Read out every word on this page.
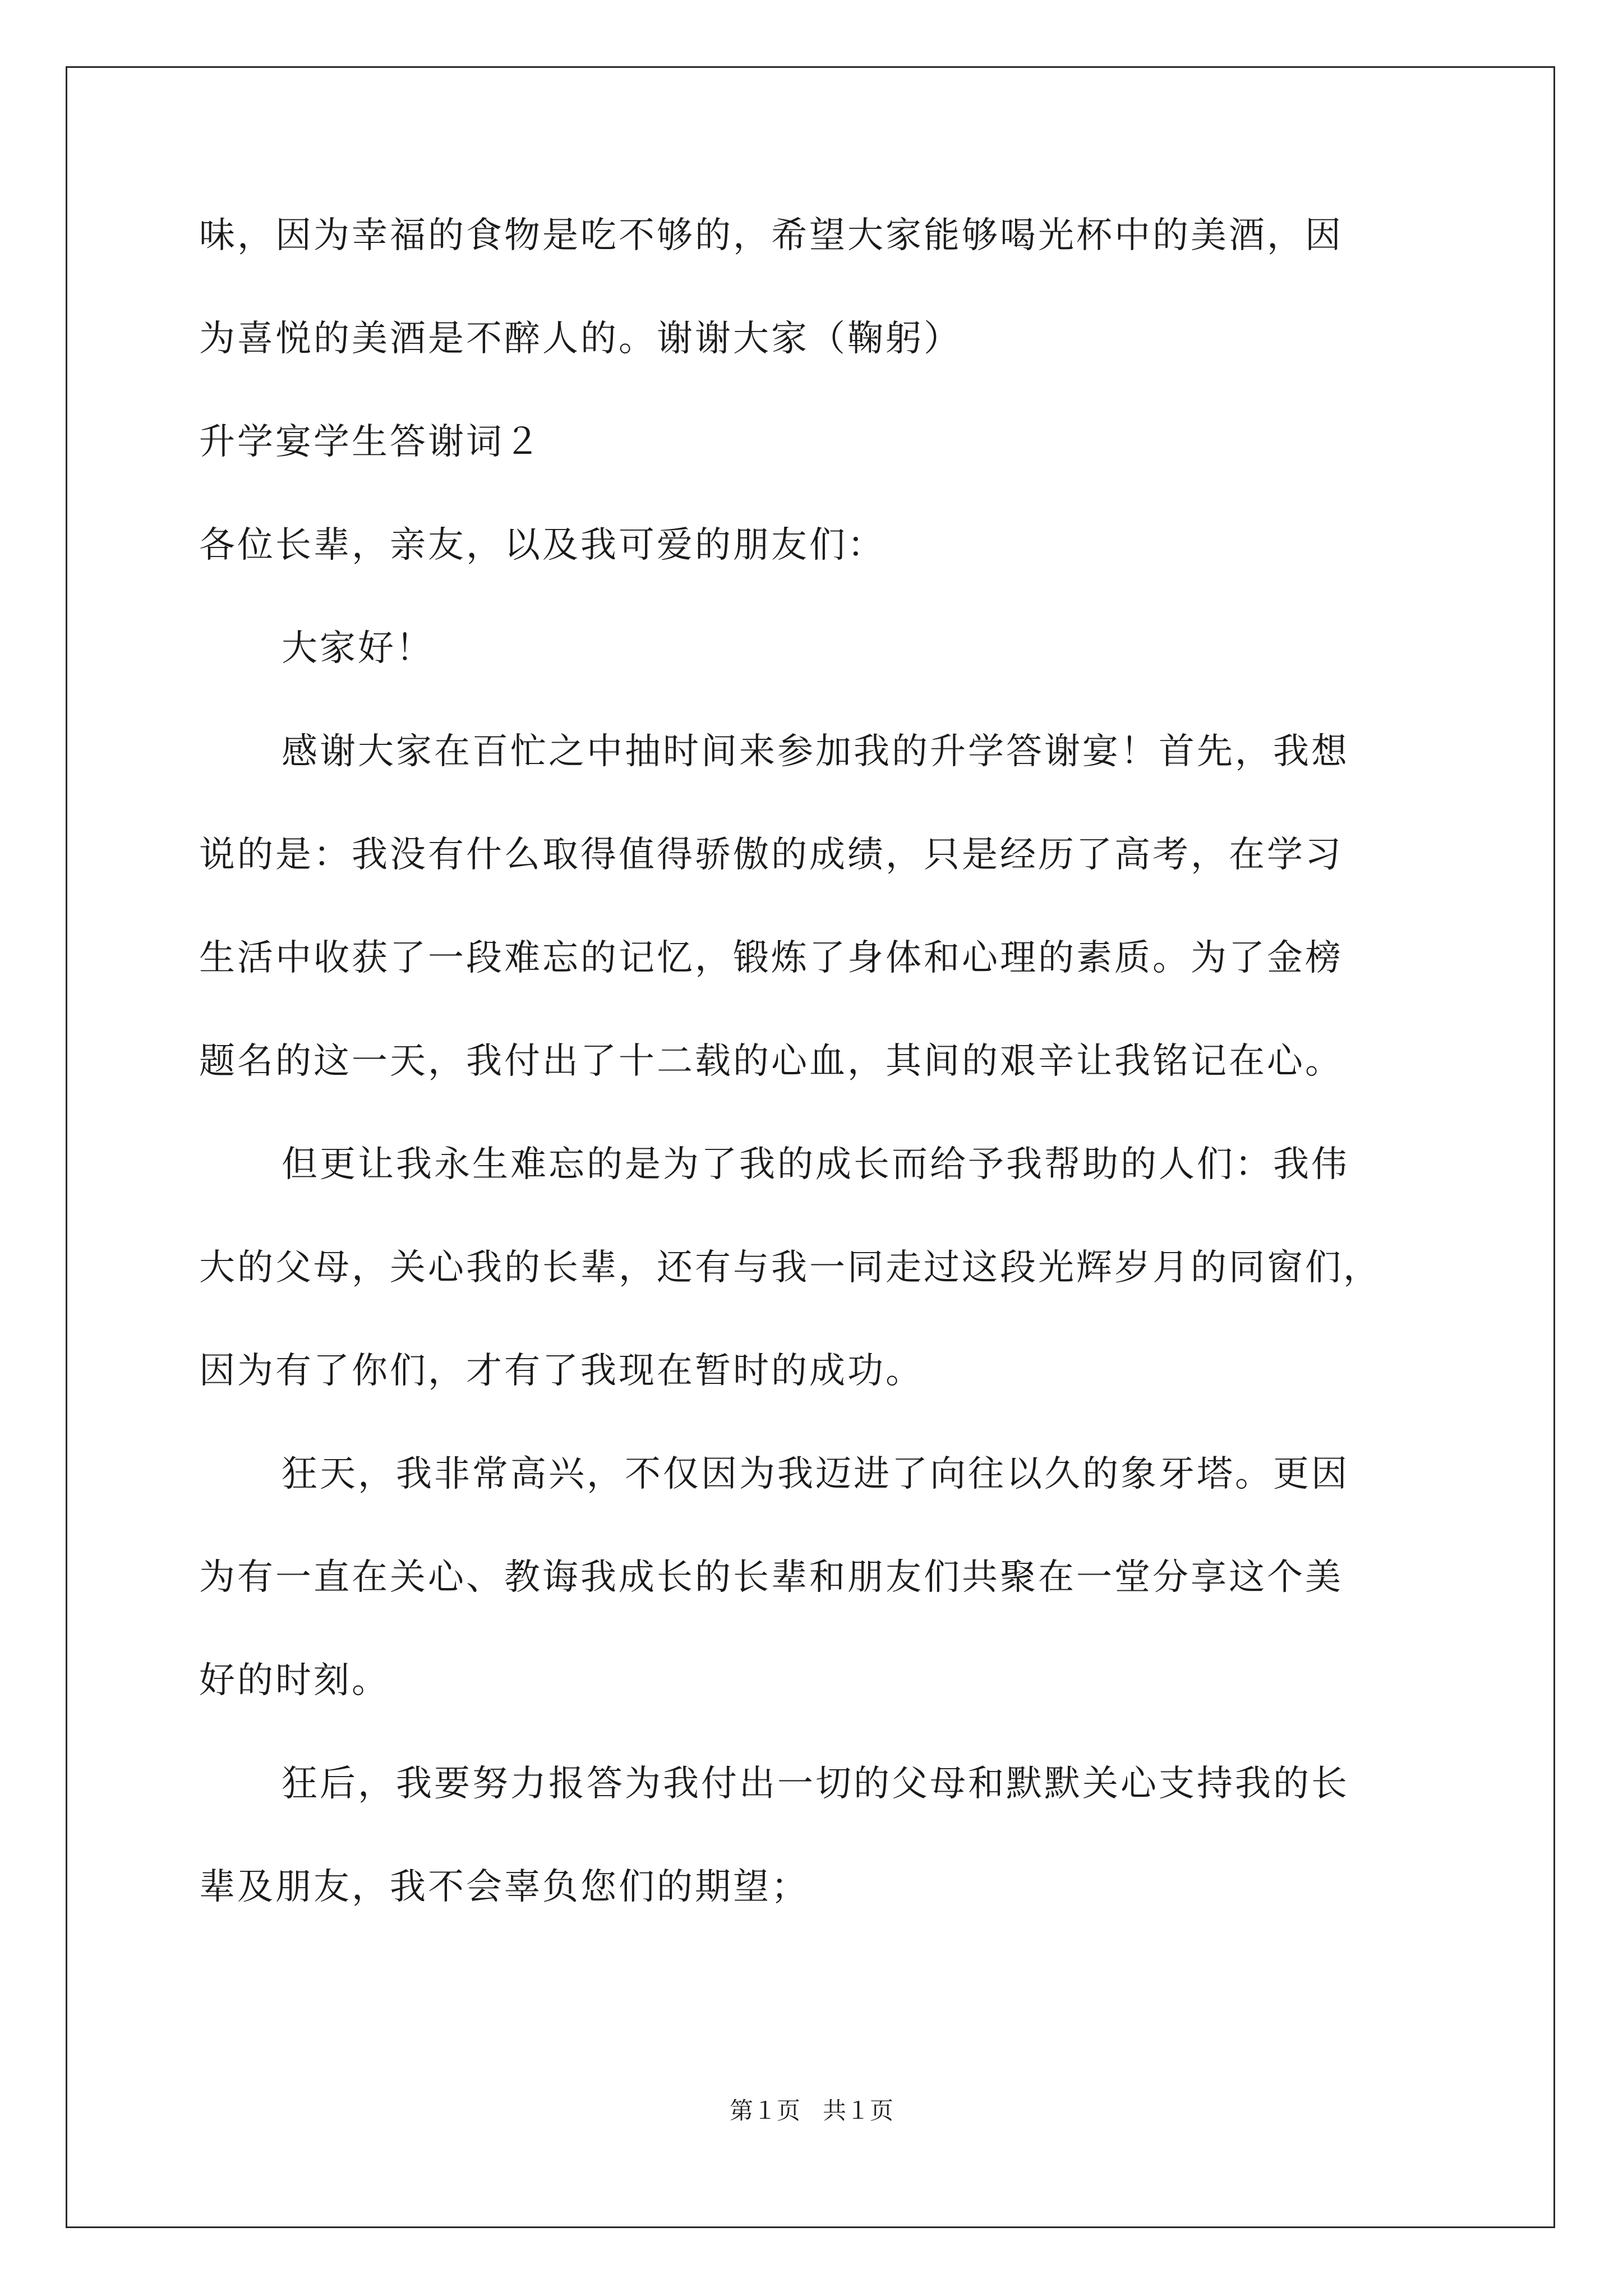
味，因为幸福的食物是吃不够的，希望大家能够喝光杯中的美酒，因
为喜悦的美酒是不醉人的。谢谢大家（鞠躬）
升学宴学生答谢词２
各位长辈，亲友，以及我可爱的朋友们：
大家好！
感谢大家在百忙之中抽时间来参加我的升学答谢宴！首先，我想
说的是：我没有什么取得值得骄傲的成绩，只是经历了高考，在学习
生活中收获了一段难忘的记忆，锻炼了身体和心理的素质。为了金榜
题名的这一天，我付出了十二载的心血，其间的艰辛让我铭记在心。
但更让我永生难忘的是为了我的成长而给予我帮助的人们：我伟
大的父母，关心我的长辈，还有与我一同走过这段光辉岁月的同窗们，
因为有了你们，才有了我现在暂时的成功。
狂天，我非常高兴，不仅因为我迈进了向往以久的象牙塔。更因
为有一直在关心、教诲我成长的长辈和朋友们共聚在一堂分享这个美
好的时刻。
狂后，我要努力报答为我付出一切的父母和默默关心支持我的长
辈及朋友，我不会辜负您们的期望；
第１页   共１页
